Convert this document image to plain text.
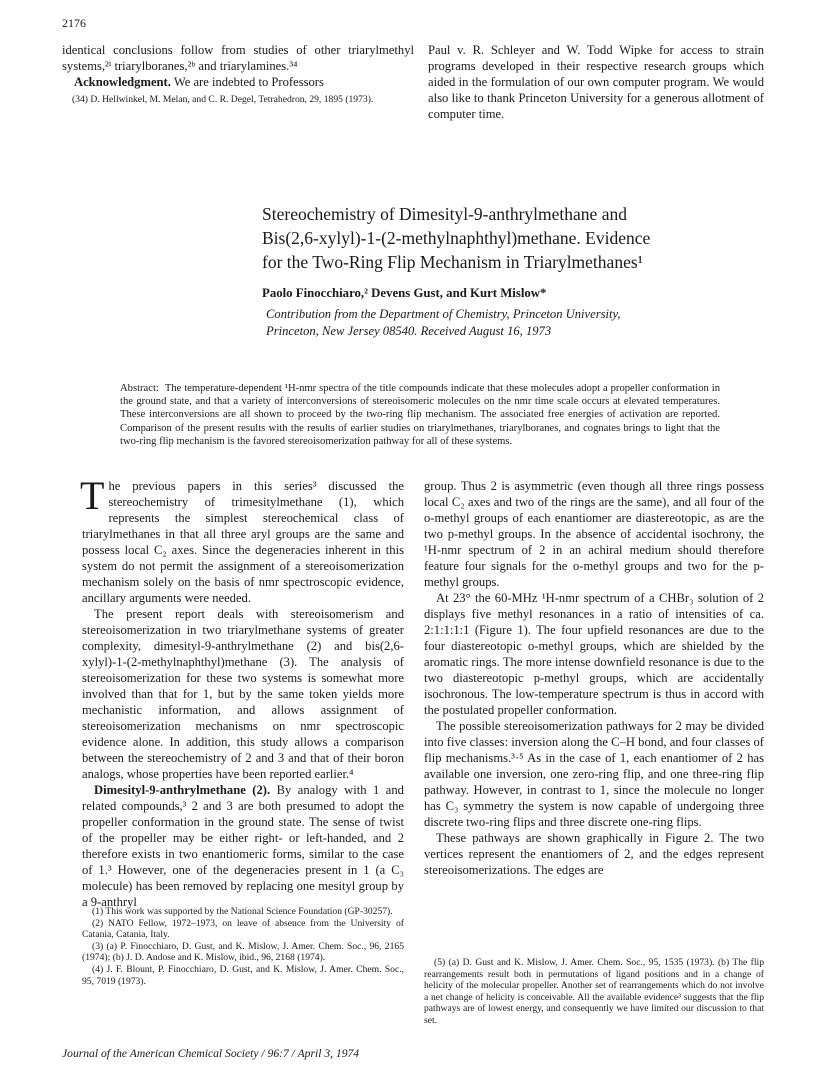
2176

identical conclusions follow from studies of other triarylmethyl systems,²ⁱ triarylboranes,²ᵇ and triarylamines.³⁴

Acknowledgment. We are indebted to Professors

(34) D. Hellwinkel, M. Melan, and C. R. Degel, Tetrahedron, 29, 1895 (1973).

Paul v. R. Schleyer and W. Todd Wipke for access to strain programs developed in their respective research groups which aided in the formulation of our own computer program. We would also like to thank Princeton University for a generous allotment of computer time.

Stereochemistry of Dimesityl-9-anthrylmethane and

Bis(2,6-xylyl)-1-(2-methylnaphthyl)methane. Evidence

for the Two-Ring Flip Mechanism in Triarylmethanes¹

Paolo Finocchiaro,² Devens Gust, and Kurt Mislow*

Contribution from the Department of Chemistry, Princeton University,

Princeton, New Jersey 08540. Received August 16, 1973

Abstract: The temperature-dependent ¹H-nmr spectra of the title compounds indicate that these molecules adopt a propeller conformation in the ground state, and that a variety of interconversions of stereoisomeric molecules on the nmr time scale occurs at elevated temperatures. These interconversions are all shown to proceed by the two-ring flip mechanism. The associated free energies of activation are reported. Comparison of the present results with the results of earlier studies on triarylmethanes, triarylboranes, and cognates brings to light that the two-ring flip mechanism is the favored stereoisomerization pathway for all of these systems.

The previous papers in this series³ discussed the stereochemistry of trimesitylmethane (1), which represents the simplest stereochemical class of triarylmethanes in that all three aryl groups are the same and possess local C₂ axes. Since the degeneracies inherent in this system do not permit the assignment of a stereoisomerization mechanism solely on the basis of nmr spectroscopic evidence, ancillary arguments were needed.

The present report deals with stereoisomerism and stereoisomerization in two triarylmethane systems of greater complexity, dimesityl-9-anthrylmethane (2) and bis(2,6-xylyl)-1-(2-methylnaphthyl)methane (3). The analysis of stereoisomerization for these two systems is somewhat more involved than that for 1, but by the same token yields more mechanistic information, and allows assignment of stereoisomerization mechanisms on nmr spectroscopic evidence alone. In addition, this study allows a comparison between the stereochemistry of 2 and 3 and that of their boron analogs, whose properties have been reported earlier.⁴

Dimesityl-9-anthrylmethane (2). By analogy with 1 and related compounds,³ 2 and 3 are both presumed to adopt the propeller conformation in the ground state. The sense of twist of the propeller may be either right- or left-handed, and 2 therefore exists in two enantiomeric forms, similar to the case of 1.³ However, one of the degeneracies present in 1 (a C₃ molecule) has been removed by replacing one mesityl group by a 9-anthryl

(1) This work was supported by the National Science Foundation (GP-30257).

(2) NATO Fellow, 1972–1973, on leave of absence from the University of Catania, Catania, Italy.

(3) (a) P. Finocchiaro, D. Gust, and K. Mislow, J. Amer. Chem. Soc., 96, 2165 (1974); (b) J. D. Andose and K. Mislow, ibid., 96, 2168 (1974).

(4) J. F. Blount, P. Finocchiaro, D. Gust, and K. Mislow, J. Amer. Chem. Soc., 95, 7019 (1973).

group. Thus 2 is asymmetric (even though all three rings possess local C₂ axes and two of the rings are the same), and all four of the o-methyl groups of each enantiomer are diastereotopic, as are the two p-methyl groups. In the absence of accidental isochrony, the ¹H-nmr spectrum of 2 in an achiral medium should therefore feature four signals for the o-methyl groups and two for the p-methyl groups.

At 23° the 60-MHz ¹H-nmr spectrum of a CHBr₃ solution of 2 displays five methyl resonances in a ratio of intensities of ca. 2:1:1:1:1 (Figure 1). The four upfield resonances are due to the four diastereotopic o-methyl groups, which are shielded by the aromatic rings. The more intense downfield resonance is due to the two diastereotopic p-methyl groups, which are accidentally isochronous. The low-temperature spectrum is thus in accord with the postulated propeller conformation.

The possible stereoisomerization pathways for 2 may be divided into five classes: inversion along the C–H bond, and four classes of flip mechanisms.³·⁵ As in the case of 1, each enantiomer of 2 has available one inversion, one zero-ring flip, and one three-ring flip pathway. However, in contrast to 1, since the molecule no longer has C₃ symmetry the system is now capable of undergoing three discrete two-ring flips and three discrete one-ring flips.

These pathways are shown graphically in Figure 2. The two vertices represent the enantiomers of 2, and the edges represent stereoisomerizations. The edges are

(5) (a) D. Gust and K. Mislow, J. Amer. Chem. Soc., 95, 1535 (1973). (b) The flip rearrangements result both in permutations of ligand positions and in a change of helicity of the molecular propeller. Another set of rearrangements which do not involve a net change of helicity is conceivable. All the available evidence³ suggests that the flip pathways are of lowest energy, and consequently we have limited our discussion to that set.

Journal of the American Chemical Society / 96:7 / April 3, 1974
